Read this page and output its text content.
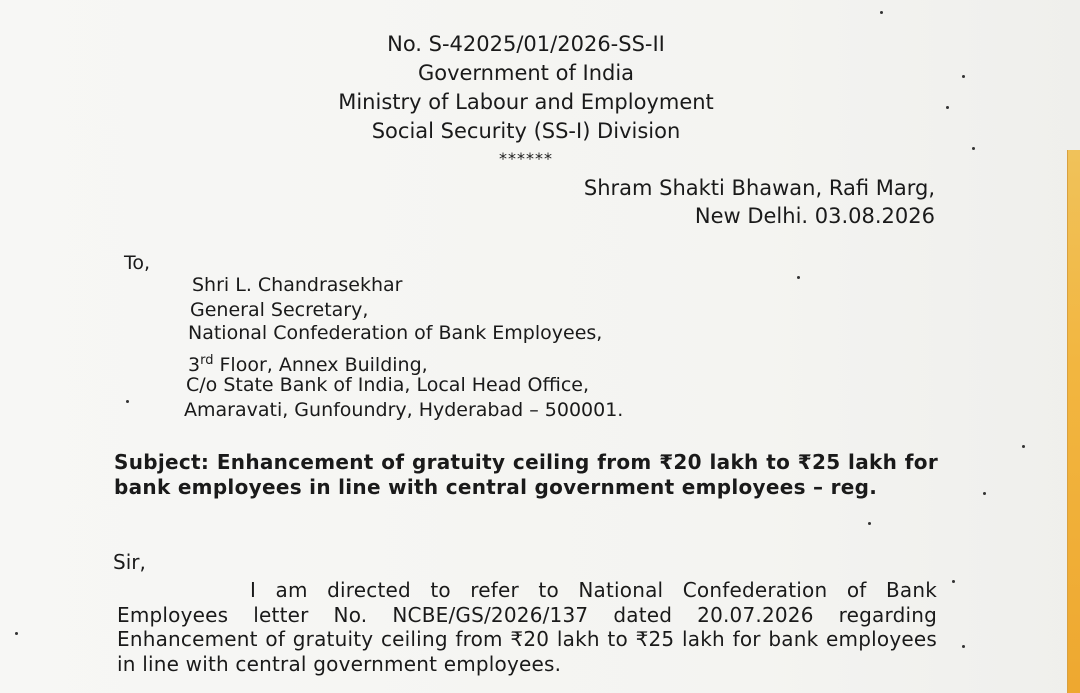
No. S-42025/01/2026-SS-II
Government of India
Ministry of Labour and Employment
Social Security (SS-I) Division
******
Shram Shakti Bhawan, Rafi Marg,
New Delhi. 03.08.2026
To,
Shri L. Chandrasekhar
General Secretary,
National Confederation of Bank Employees,
3rd Floor, Annex Building,
C/o State Bank of India, Local Head Office,
Amaravati, Gunfoundry, Hyderabad – 500001.
Subject: Enhancement of gratuity ceiling from ₹20 lakh to ₹25 lakh for bank employees in line with central government employees – reg.
Sir,
I am directed to refer to National Confederation of Bank Employees letter No. NCBE/GS/2026/137 dated 20.07.2026 regarding Enhancement of gratuity ceiling from ₹20 lakh to ₹25 lakh for bank employees in line with central government employees.
